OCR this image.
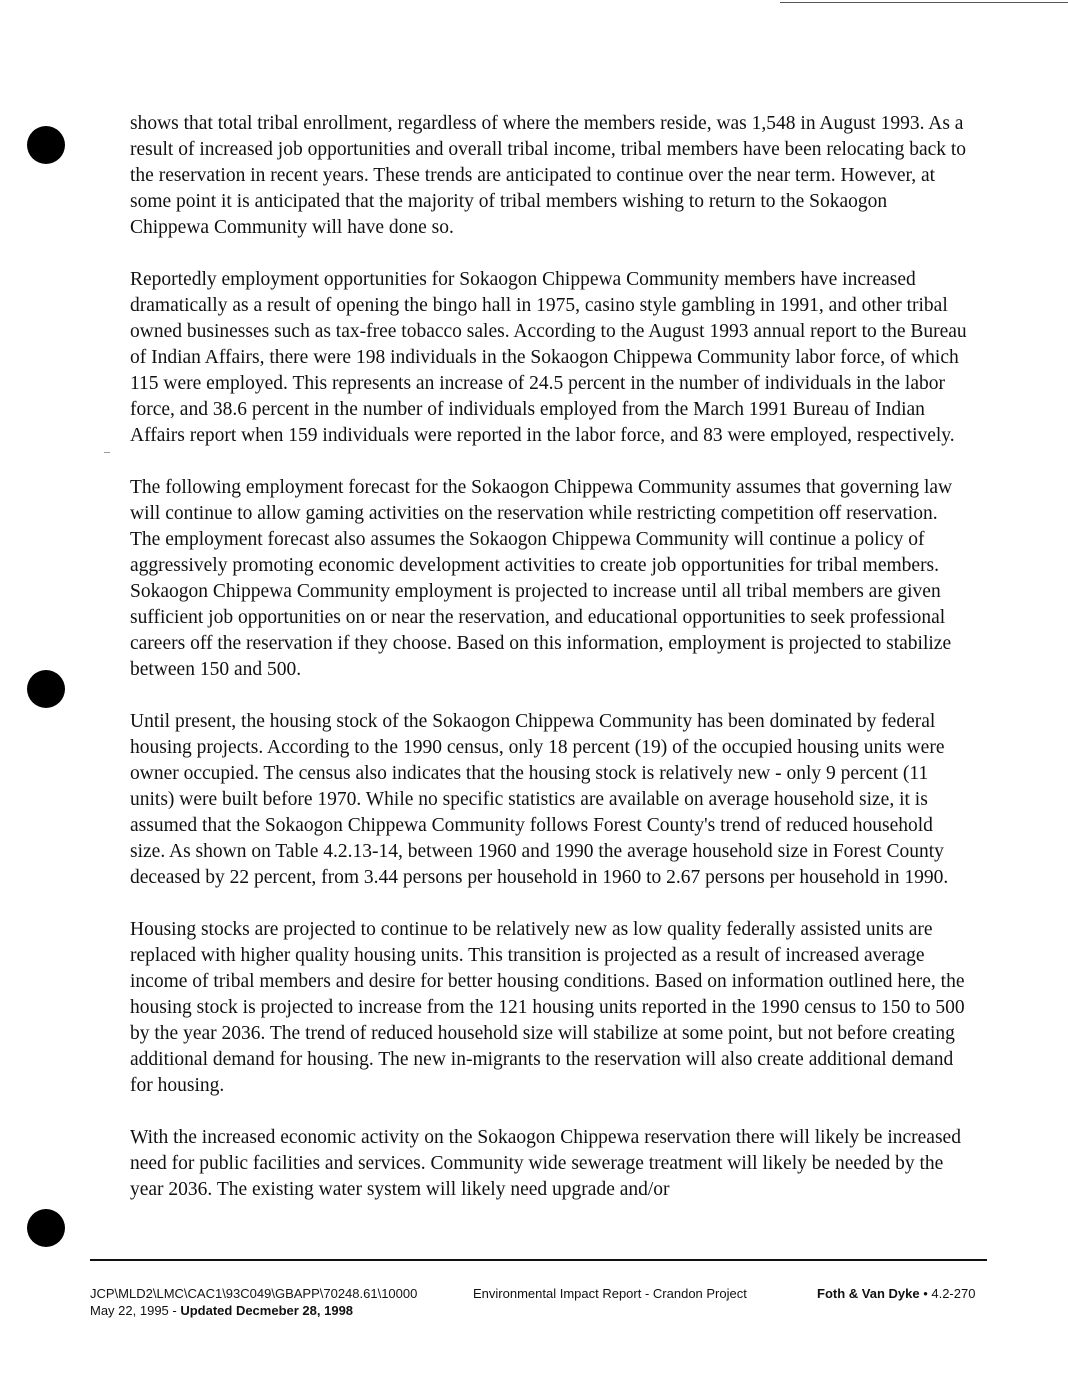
shows that total tribal enrollment, regardless of where the members reside, was 1,548 in August 1993. As a result of increased job opportunities and overall tribal income, tribal members have been relocating back to the reservation in recent years. These trends are anticipated to continue over the near term. However, at some point it is anticipated that the majority of tribal members wishing to return to the Sokaogon Chippewa Community will have done so.

Reportedly employment opportunities for Sokaogon Chippewa Community members have increased dramatically as a result of opening the bingo hall in 1975, casino style gambling in 1991, and other tribal owned businesses such as tax-free tobacco sales. According to the August 1993 annual report to the Bureau of Indian Affairs, there were 198 individuals in the Sokaogon Chippewa Community labor force, of which 115 were employed. This represents an increase of 24.5 percent in the number of individuals in the labor force, and 38.6 percent in the number of individuals employed from the March 1991 Bureau of Indian Affairs report when 159 individuals were reported in the labor force, and 83 were employed, respectively.

The following employment forecast for the Sokaogon Chippewa Community assumes that governing law will continue to allow gaming activities on the reservation while restricting competition off reservation. The employment forecast also assumes the Sokaogon Chippewa Community will continue a policy of aggressively promoting economic development activities to create job opportunities for tribal members. Sokaogon Chippewa Community employment is projected to increase until all tribal members are given sufficient job opportunities on or near the reservation, and educational opportunities to seek professional careers off the reservation if they choose. Based on this information, employment is projected to stabilize between 150 and 500.

Until present, the housing stock of the Sokaogon Chippewa Community has been dominated by federal housing projects. According to the 1990 census, only 18 percent (19) of the occupied housing units were owner occupied. The census also indicates that the housing stock is relatively new - only 9 percent (11 units) were built before 1970. While no specific statistics are available on average household size, it is assumed that the Sokaogon Chippewa Community follows Forest County's trend of reduced household size. As shown on Table 4.2.13-14, between 1960 and 1990 the average household size in Forest County deceased by 22 percent, from 3.44 persons per household in 1960 to 2.67 persons per household in 1990.

Housing stocks are projected to continue to be relatively new as low quality federally assisted units are replaced with higher quality housing units. This transition is projected as a result of increased average income of tribal members and desire for better housing conditions. Based on information outlined here, the housing stock is projected to increase from the 121 housing units reported in the 1990 census to 150 to 500 by the year 2036. The trend of reduced household size will stabilize at some point, but not before creating additional demand for housing. The new in-migrants to the reservation will also create additional demand for housing.

With the increased economic activity on the Sokaogon Chippewa reservation there will likely be increased need for public facilities and services. Community wide sewerage treatment will likely be needed by the year 2036. The existing water system will likely need upgrade and/or

JCP\MLD2\LMC\CAC1\93C049\GBAPP\70248.61\10000
May 22, 1995 - Updated Decmeber 28, 1998
Environmental Impact Report - Crandon Project	Foth & Van Dyke • 4.2-270
